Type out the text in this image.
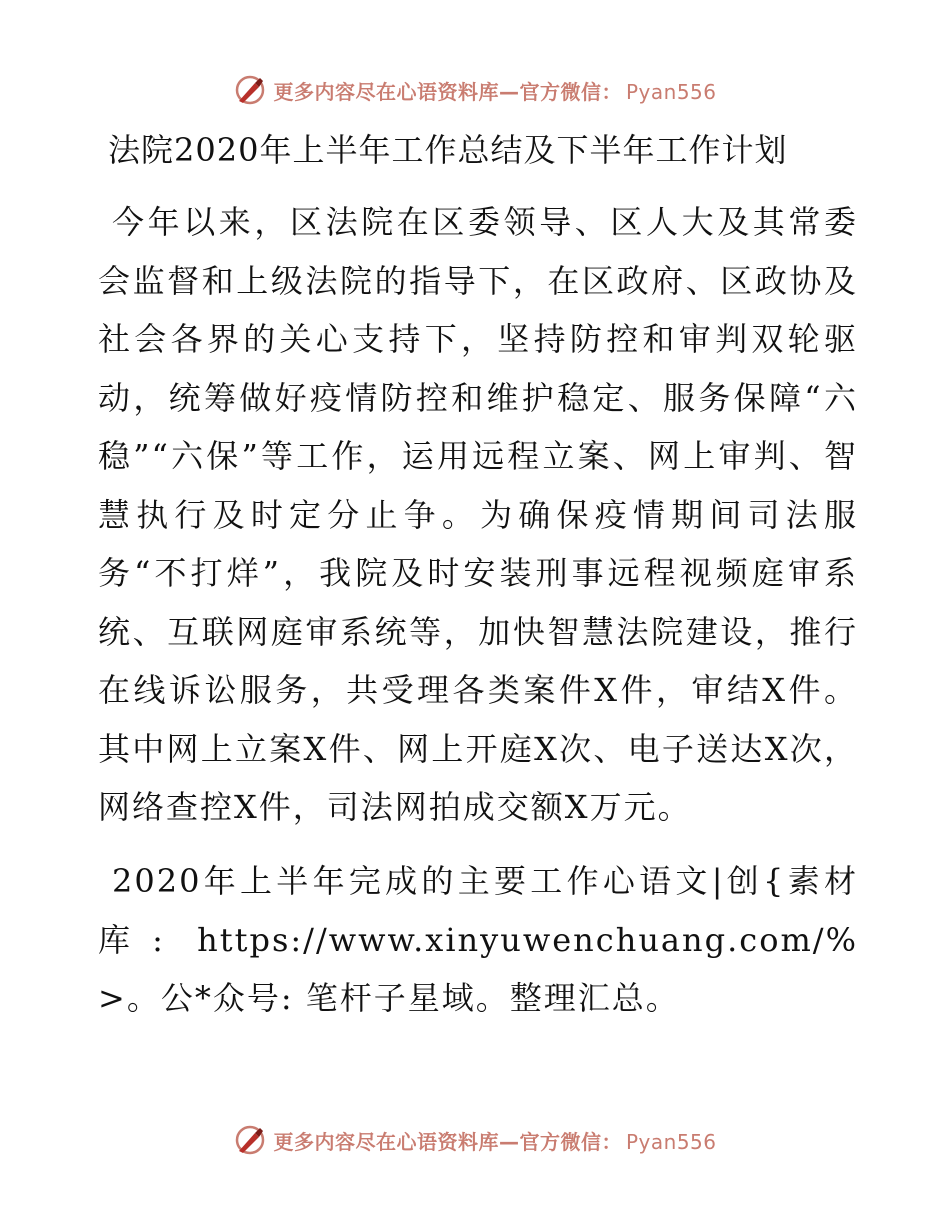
更多内容尽在心语资料库—官方微信： Pyan556
法院2020年上半年工作总结及下半年工作计划

今年以来，区法院在区委领导、区人大及其常委会监督和上级法院的指导下，在区政府、区政协及社会各界的关心支持下，坚持防控和审判双轮驱动，统筹做好疫情防控和维护稳定、服务保障“六稳”“六保”等工作，运用远程立案、网上审判、智慧执行及时定分止争。为确保疫情期间司法服务“不打烊”，我院及时安装刑事远程视频庭审系统、互联网庭审系统等，加快智慧法院建设，推行在线诉讼服务，共受理各类案件X件，审结X件。其中网上立案X件、网上开庭X次、电子送达X次，网络查控X件，司法网拍成交额X万元。

2020年上半年完成的主要工作心语文|创{素材库: https://www.xinyuwenchuang.com/%>。公*众号: 笔杆子星域。整理汇总。

更多内容尽在心语资料库—官方微信： Pyan556
